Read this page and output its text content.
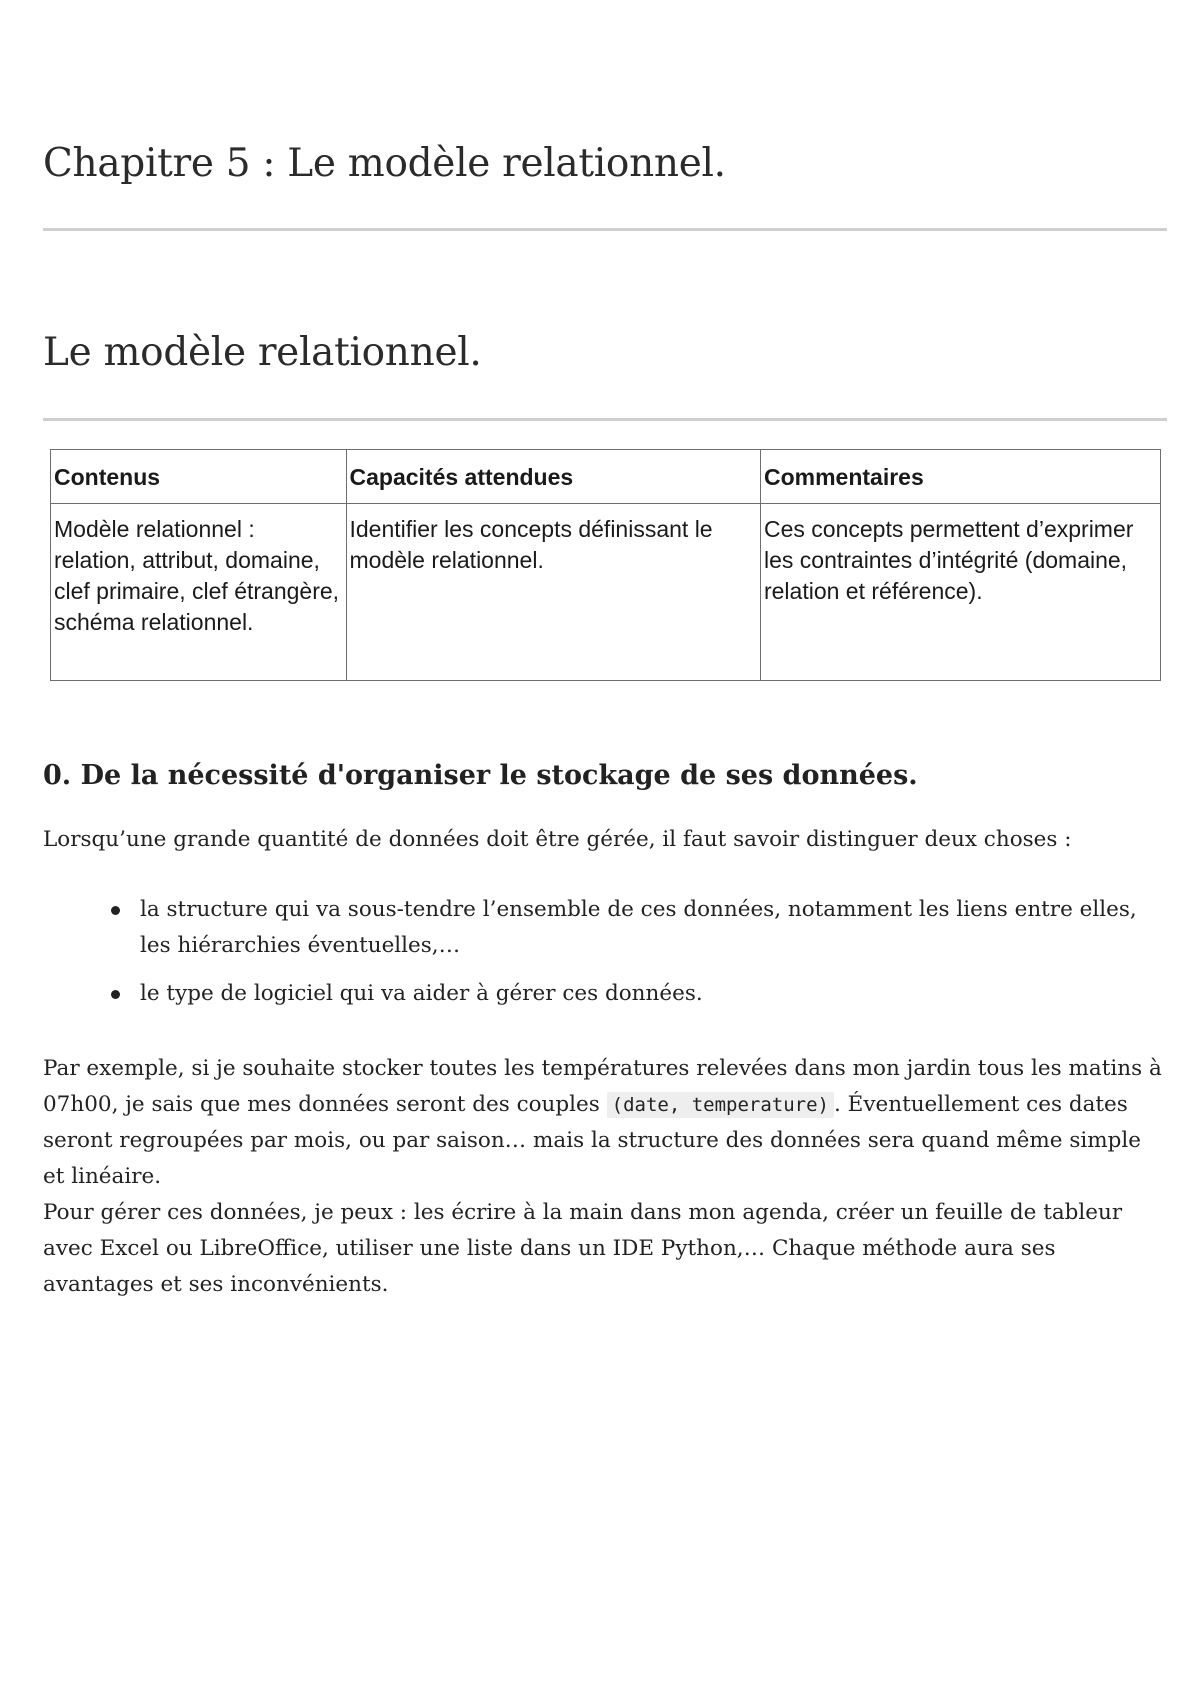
Chapitre 5 : Le modèle relationnel.
Le modèle relationnel.
Contenus	Capacités attendues	Commentaires
Modèle relationnel : relation, attribut, domaine, clef primaire, clef étrangère, schéma relationnel.	Identifier les concepts définissant le modèle relationnel.	Ces concepts permettent d’exprimer les contraintes d’intégrité (domaine, relation et référence).
0. De la nécessité d'organiser le stockage de ses données.

Lorsqu’une grande quantité de données doit être gérée, il faut savoir distinguer deux choses :

la structure qui va sous-tendre l’ensemble de ces données, notamment les liens entre elles, les hiérarchies éventuelles,…
le type de logiciel qui va aider à gérer ces données.

Par exemple, si je souhaite stocker toutes les températures relevées dans mon jardin tous les matins à 07h00, je sais que mes données seront des couples (date, temperature) . Éventuellement ces dates seront regroupées par mois, ou par saison… mais la structure des données sera quand même simple et linéaire.
Pour gérer ces données, je peux : les écrire à la main dans mon agenda, créer un feuille de tableur avec Excel ou LibreOffice, utiliser une liste dans un IDE Python,… Chaque méthode aura ses avantages et ses inconvénients.
